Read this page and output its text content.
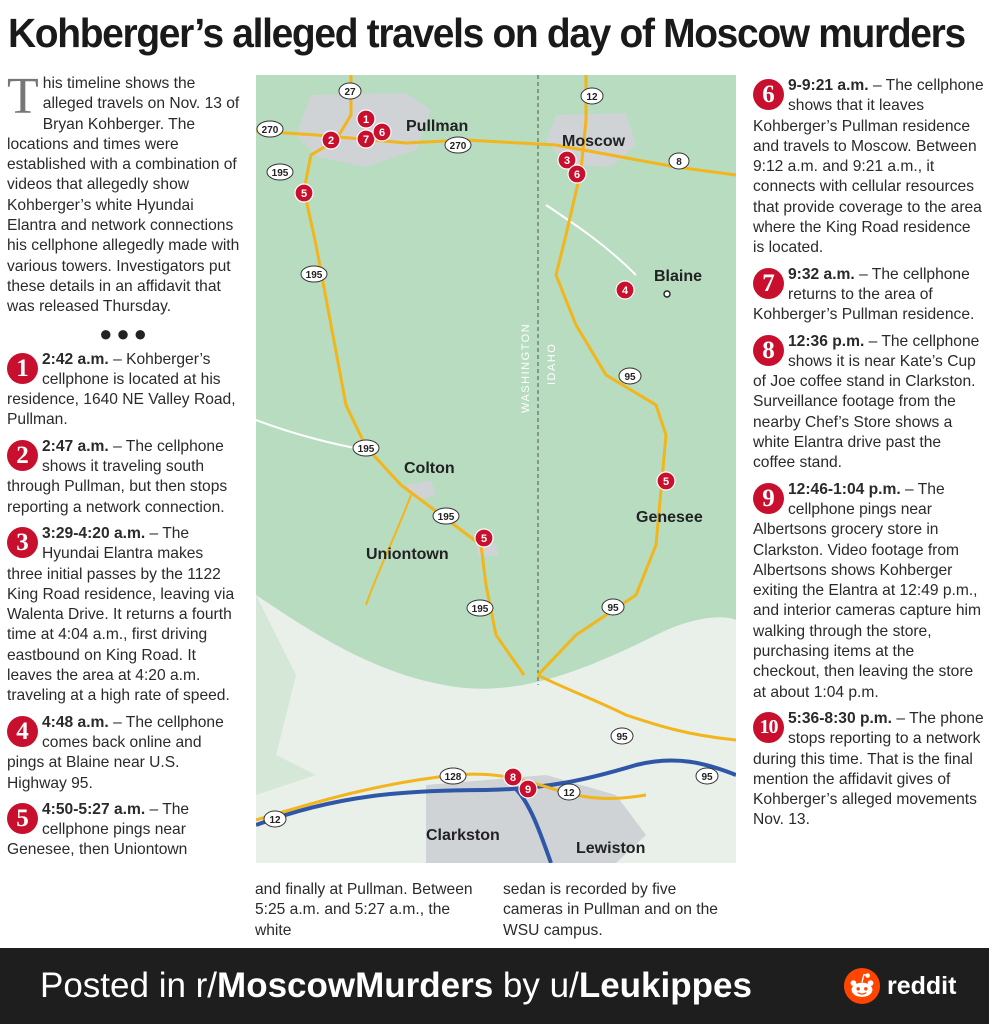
Kohberger’s alleged travels on day of Moscow murders

This timeline shows the alleged travels on Nov. 13 of Bryan Kohberger. The locations and times were established with a combination of videos that allegedly show Kohberger’s white Hyundai Elantra and network connections his cellphone allegedly made with various towers. Investigators put these details in an affidavit that was released Thursday.

●●●
1 2:42 a.m. – Kohberger’s cellphone is located at his residence, 1640 NE Valley Road, Pullman.
2 2:47 a.m. – The cellphone shows it traveling south through Pullman, but then stops reporting a network connection.
3 3:29-4:20 a.m. – The Hyundai Elantra makes three initial passes by the 1122 King Road residence, leaving via Walenta Drive. It returns a fourth time at 4:04 a.m., first driving eastbound on King Road. It leaves the area at 4:20 a.m. traveling at a high rate of speed.
4 4:48 a.m. – The cellphone comes back online and pings at Blaine near U.S. Highway 95.
5 4:50-5:27 a.m. – The cellphone pings near Genesee, then Uniontown
and finally at Pullman. Between 5:25 a.m. and 5:27 a.m., the white
sedan is recorded by five cameras in Pullman and on the WSU campus.
6 9-9:21 a.m. – The cellphone shows that it leaves Kohberger’s Pullman residence and travels to Moscow. Between 9:12 a.m. and 9:21 a.m., it connects with cellular resources that provide coverage to the area where the King Road residence is located.
7 9:32 a.m. – The cellphone returns to the area of Kohberger’s Pullman residence.
8 12:36 p.m. – The cellphone shows it is near Kate’s Cup of Joe coffee stand in Clarkston. Surveillance footage from the nearby Chef’s Store shows a white Elantra drive past the coffee stand.
9 12:46-1:04 p.m. – The cellphone pings near Albertsons grocery store in Clarkston. Video footage from Albertsons shows Kohberger exiting the Elantra at 12:49 p.m., and interior cameras capture him walking through the store, purchasing items at the checkout, then leaving the store at about 1:04 p.m.
10 5:36-8:30 p.m. – The phone stops reporting to a network during this time. That is the final mention the affidavit gives of Kohberger’s alleged movements Nov. 13.
27
270
270
195
195
195
195
195
12
8
95
95
95
95
128
12
12
Pullman
Moscow
Blaine
Colton
Genesee
Uniontown
Clarkston
Lewiston
WASHINGTON IDAHO
1
2	7
6
5
3
6
4
5
5
8
9
Posted in r/MoscowMurders by u/Leukippes	reddit
